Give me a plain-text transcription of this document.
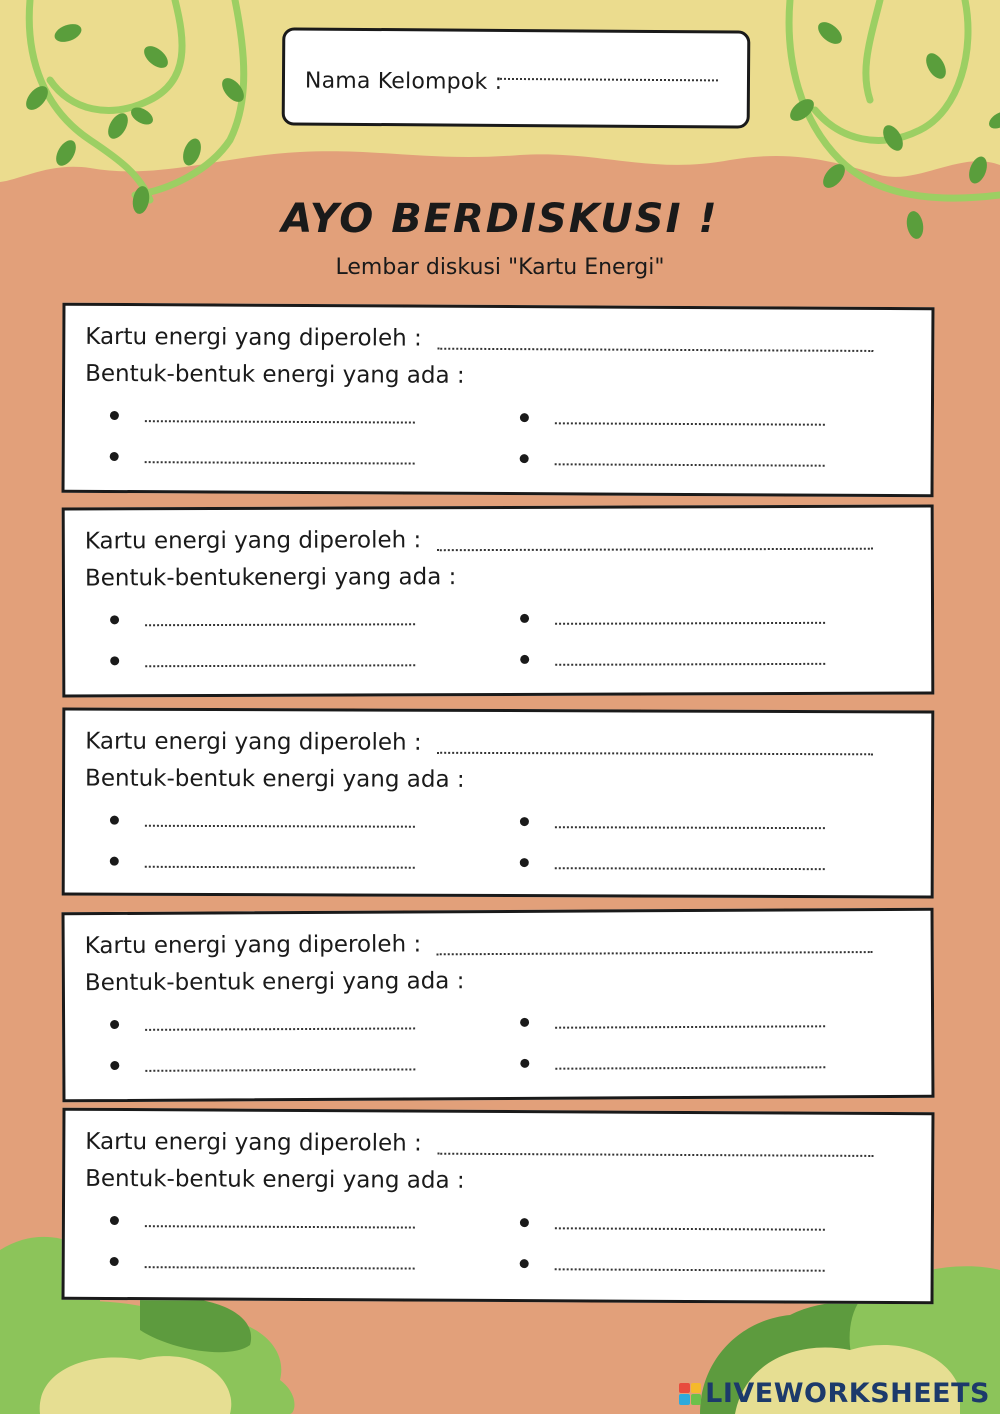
Nama Kelompok :
AYO BERDISKUSI !
Lembar diskusi "Kartu Energi"
Kartu energi yang diperoleh :
Bentuk-bentuk energi yang ada :
Kartu energi yang diperoleh :
Bentuk-bentukenergi yang ada :
Kartu energi yang diperoleh :
Bentuk-bentuk energi yang ada :
Kartu energi yang diperoleh :
Bentuk-bentuk energi yang ada :
Kartu energi yang diperoleh :
Bentuk-bentuk energi yang ada :
LIVEWORKSHEETS
